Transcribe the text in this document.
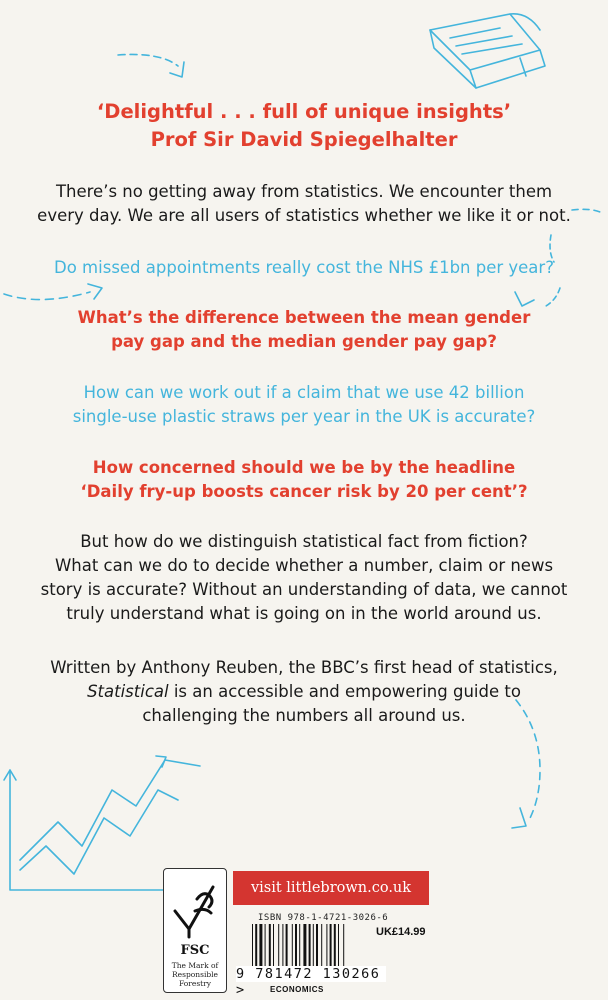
‘Delightful . . . full of unique insights’
Prof Sir David Spiegelhalter
There’s no getting away from statistics. We encounter them
every day. We are all users of statistics whether we like it or not.
Do missed appointments really cost the NHS £1bn per year?
What’s the difference between the mean gender
pay gap and the median gender pay gap?
How can we work out if a claim that we use 42 billion
single-use plastic straws per year in the UK is accurate?
How concerned should we be by the headline
‘Daily fry-up boosts cancer risk by 20 per cent’?
But how do we distinguish statistical fact from fiction?
What can we do to decide whether a number, claim or news
story is accurate? Without an understanding of data, we cannot
truly understand what is going on in the world around us.
Written by Anthony Reuben, the BBC’s first head of statistics,
Statistical is an accessible and empowering guide to
challenging the numbers all around us.
FSC
The Mark of
Responsible
Forestry
visit littlebrown.co.uk
ISBN 978-1-4721-3026-6
9 781472 130266 >
UK£14.99
ECONOMICS
